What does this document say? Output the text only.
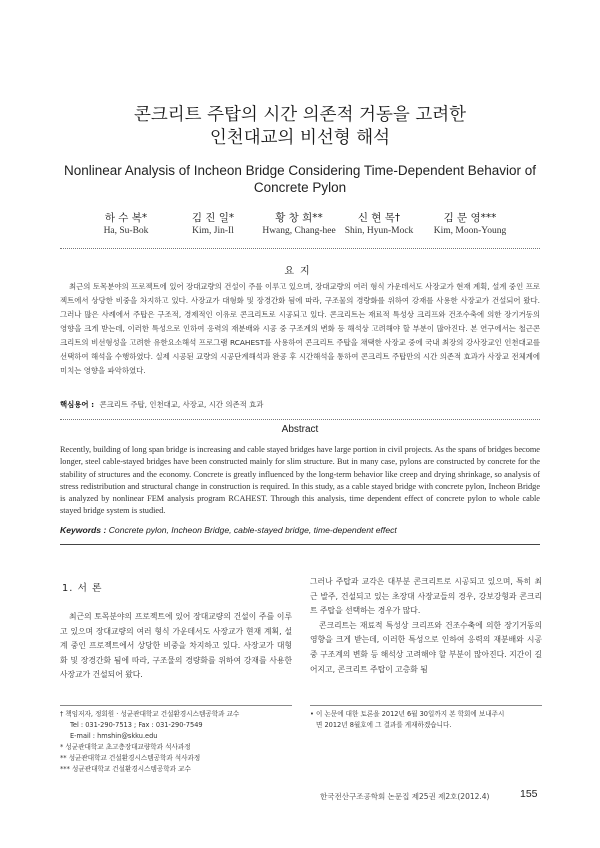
콘크리트 주탑의 시간 의존적 거동을 고려한
인천대교의 비선형 해석
Nonlinear Analysis of Incheon Bridge Considering Time-Dependent Behavior of
Concrete Pylon
하 수 복*
Ha, Su-Bok
김 진 일*
Kim, Jin-Il
황 창 희**
Hwang, Chang-hee
신 현 목†
Shin, Hyun-Mock
김 문 영***
Kim, Moon-Young
요지

최근의 토목분야의 프로젝트에 있어 장대교량의 건설이 주를 이루고 있으며, 장대교량의 여러 형식 가운데서도 사장교가 현재 계획, 설계 중인 프로젝트에서 상당한 비중을 차지하고 있다. 사장교가 대형화 및 장경간화 됨에 따라, 구조물의 경량화를 위하여 강재를 사용한 사장교가 건설되어 왔다. 그러나 많은 사례에서 주탑은 구조적, 경제적인 이유로 콘크리트로 시공되고 있다. 콘크리트는 재료적 특성상 크리프와 건조수축에 의한 장기거동의 영향을 크게 받는데, 이러한 특성으로 인하여 응력의 재분배와 시공 중 구조계의 변화 등 해석상 고려해야 할 부분이 많아진다. 본 연구에서는 철근콘크리트의 비선형성을 고려한 유한요소해석 프로그램 RCAHEST를 사용하여 콘크리트 주탑을 채택한 사장교 중에 국내 최장의 강사장교인 인천대교를 선택하여 해석을 수행하였다. 실제 시공된 교량의 시공단계해석과 완공 후 시간해석을 통하여 콘크리트 주탑만의 시간 의존적 효과가 사장교 전체계에 미치는 영향을 파악하였다.

핵심용어 : 콘크리트 주탑, 인천대교, 사장교, 시간 의존적 효과
Abstract

Recently, building of long span bridge is increasing and cable stayed bridges have large portion in civil projects. As the spans of bridges become longer, steel cable-stayed bridges have been constructed mainly for slim structure. But in many case, pylons are constructed by concrete for the stability of structures and the economy. Concrete is greatly influenced by the long-term behavior like creep and drying shrinkage, so analysis of stress redistribution and structural change in construction is required. In this study, as a cable stayed bridge with concrete pylon, Incheon Bridge is analyzed by nonlinear FEM analysis program RCAHEST. Through this analysis, time dependent effect of concrete pylon to whole cable stayed bridge system is studied.

Keywords : Concrete pylon, Incheon Bridge, cable-stayed bridge, time-dependent effect
1. 서 론

최근의 토목분야의 프로젝트에 있어 장대교량의 건설이 주를 이루고 있으며 장대교량의 여러 형식 가운데서도 사장교가 현재 계획, 설계 중인 프로젝트에서 상당한 비중을 차지하고 있다. 사장교가 대형화 및 장경간화 됨에 따라, 구조물의 경량화를 위하여 강재를 사용한 사장교가 건설되어 왔다.

그러나 주탑과 교각은 대부분 콘크리트로 시공되고 있으며, 특히 최근 발주, 건설되고 있는 초장대 사장교들의 경우, 강보강형과 콘크리트 주탑을 선택하는 경우가 많다.

콘크리트는 재료적 특성상 크리프와 건조수축에 의한 장기거동의 영향을 크게 받는데, 이러한 특성으로 인하여 응력의 재분배와 시공 중 구조계의 변화 등 해석상 고려해야 할 부분이 많아진다. 지간이 길어지고, 콘크리트 주탑이 고층화 됨

† 책임저자, 정회원 · 성균관대학교 건설환경시스템공학과 교수
Tel : 031-290-7513 ; Fax : 031-290-7549
E-mail : hmshin@skku.edu
* 성균관대학교 초고층장대교량학과 석사과정
** 성균관대학교 건설환경시스템공학과 석사과정
*** 성균관대학교 건설환경시스템공학과 교수
• 이 논문에 대한 토론을 2012년 6월 30일까지 본 학회에 보내주시
면 2012년 8월호에 그 결과를 게재하겠습니다.
한국전산구조공학회 논문집 제25권 제2호(2012.4)	155
